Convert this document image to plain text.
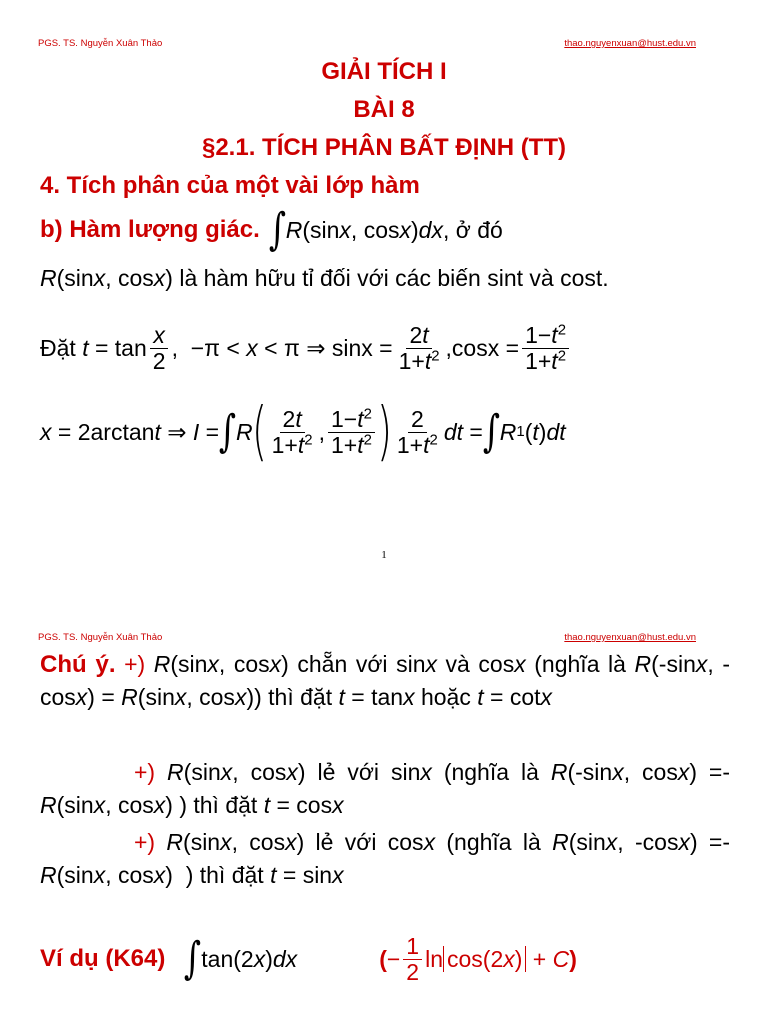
PGS. TS. Nguyễn Xuân Thảo	thao.nguyenxuan@hust.edu.vn
GIẢI TÍCH I
BÀI 8
§2.1. TÍCH PHÂN BẤT ĐỊNH (TT)
4. Tích phân của một vài lớp hàm
b) Hàm lượng giác. ∫ R(sinx, cosx)dx , ở đó
R(sinx, cosx) là hàm hữu tỉ đối với các biến sint và cost.
Đặt
$t = \tan \frac{x}{2}$ ,  −π < x < π ⇒ $\sin x = \frac{2t}{1+t^2} ,\cos x = \frac{1-t^2}{1+t^2}$
x = 2arctan t ⇒ I = ∫ R
( $\frac{2t}{1+t^2}$ , $\frac{1-t^2}{1+t^2}$ ) $\frac{2}{1+t^2}$ dt = ∫ R 1 ( t ) dt
1
PGS. TS. Nguyễn Xuân Thảo	thao.nguyenxuan@hust.edu.vn
Chú ý. +) R(sinx, cosx) chẵn với sinx và cosx (nghĩa là R(-sinx, -cosx) = R(sinx, cosx)) thì đặt t = tanx hoặc t = cotx
+) R(sinx, cosx) lẻ với sinx (nghĩa là R(-sinx, cosx) =- R(sinx, cosx) ) thì đặt t = cosx
+) R(sinx, cosx) lẻ với cosx (nghĩa là R(sinx, -cosx) =- R(sinx, cosx)  ) thì đặt t = sinx
Ví dụ (K64) ∫ tan(2x)dx	( − $\frac{1}{2}$ ln cos(2x) + C )
